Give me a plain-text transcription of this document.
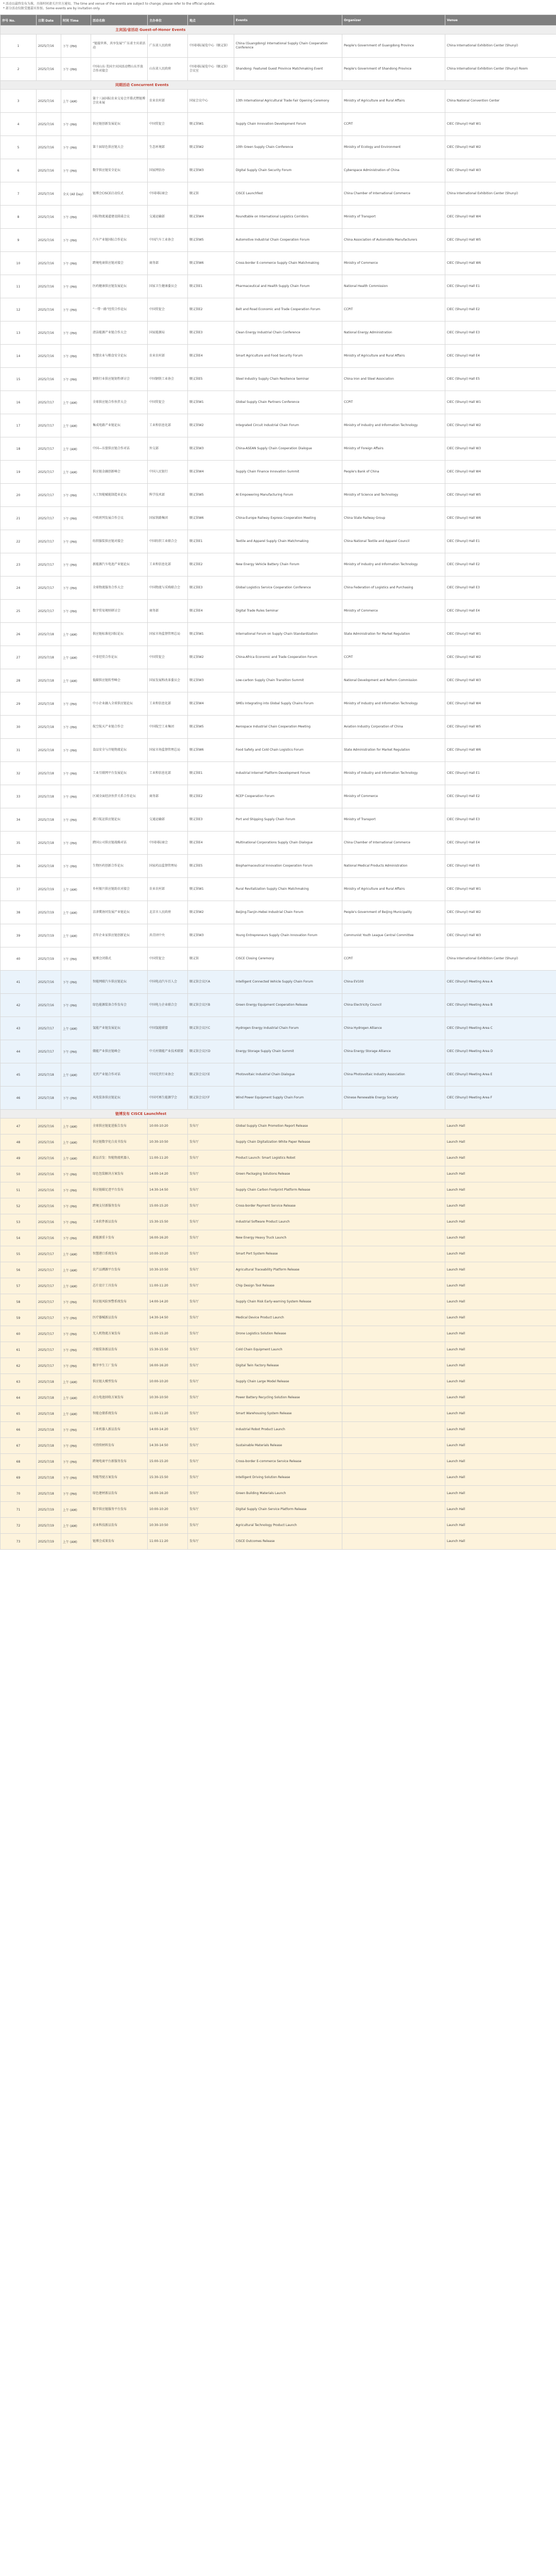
* 活动以最终发布为准，具体时间请关注官方通知。The time and venue of the events are subject to change; please refer to the official update.
* 部分活动仅限受邀嘉宾参加。Some events are by invitation only.
序号 No.	日期 Date	时间 Time	活动名称	主办单位	地点	Events	Organizer	Venue
主宾国/省活动 Guest-of-Honor Events								
1	2025/7/16	下午 (PM)	“链接世界，共享发展”广东省主宾省活动	广东省人民政府	中国国际展览中心（顺义馆）	China (Guangdong) International Supply Chain Cooperation Conference	People's Government of Guangdong Province	China International Exhibition Center (Shunyi)
2	2025/7/16	下午 (PM)	中国山东·美国主宾国活动暨山东开放合作对接会	山东省人民政府	中国国际展览中心（顺义馆）会议室	Shandong: Featured Guest Province Matchmaking Event	People's Government of Shandong Province	China International Exhibition Center (Shunyi) Room
同期活动 Concurrent Events								
3	2025/7/16	上午 (AM)	第十三届国际农业交易会开幕式暨链博会农业展	农业农村部	国家会议中心	13th International Agricultural Trade Fair Opening Ceremony	Ministry of Agriculture and Rural Affairs	China National Convention Center
4	2025/7/16	下午 (PM)	供应链创新发展论坛	中国贸促会	顺义馆W1	Supply Chain Innovation Development Forum	CCPIT	CIEC (Shunyi) Hall W1
5	2025/7/16	下午 (PM)	第十届绿色供应链大会	生态环境部	顺义馆W2	10th Green Supply Chain Conference	Ministry of Ecology and Environment	CIEC (Shunyi) Hall W2
6	2025/7/16	下午 (PM)	数字供应链安全论坛	国家网信办	顺义馆W3	Digital Supply Chain Security Forum	Cyberspace Administration of China	CIEC (Shunyi) Hall W3
7	2025/7/16	全天 (All Day)	链博会CISCE启动仪式	中国国际商会	顺义馆	CISCE Launchfest	China Chamber of International Commerce	China International Exhibition Center (Shunyi)
8	2025/7/16	下午 (PM)	国际物流通道建设圆桌会议	交通运输部	顺义馆W4	Roundtable on International Logistics Corridors	Ministry of Transport	CIEC (Shunyi) Hall W4
9	2025/7/16	下午 (PM)	汽车产业链国际合作论坛	中国汽车工业协会	顺义馆W5	Automotive Industrial Chain Cooperation Forum	China Association of Automobile Manufacturers	CIEC (Shunyi) Hall W5
10	2025/7/16	下午 (PM)	跨境电商供应链对接会	商务部	顺义馆W6	Cross-border E-commerce Supply Chain Matchmaking	Ministry of Commerce	CIEC (Shunyi) Hall W6
11	2025/7/16	下午 (PM)	医药健康供应链发展论坛	国家卫生健康委员会	顺义馆E1	Pharmaceutical and Health Supply Chain Forum	National Health Commission	CIEC (Shunyi) Hall E1
12	2025/7/16	下午 (PM)	“一带一路”经贸合作论坛	中国贸促会	顺义馆E2	Belt and Road Economic and Trade Cooperation Forum	CCPIT	CIEC (Shunyi) Hall E2
13	2025/7/16	下午 (PM)	清洁能源产业链合作大会	国家能源局	顺义馆E3	Clean Energy Industrial Chain Conference	National Energy Administration	CIEC (Shunyi) Hall E3
14	2025/7/16	下午 (PM)	智慧农业与粮食安全论坛	农业农村部	顺义馆E4	Smart Agriculture and Food Security Forum	Ministry of Agriculture and Rural Affairs	CIEC (Shunyi) Hall E4
15	2025/7/16	下午 (PM)	钢铁行业供应链韧性研讨会	中国钢铁工业协会	顺义馆E5	Steel Industry Supply Chain Resilience Seminar	China Iron and Steel Association	CIEC (Shunyi) Hall E5
16	2025/7/17	上午 (AM)	全球供应链合作伙伴大会	中国贸促会	顺义馆W1	Global Supply Chain Partners Conference	CCPIT	CIEC (Shunyi) Hall W1
17	2025/7/17	上午 (AM)	集成电路产业链论坛	工业和信息化部	顺义馆W2	Integrated Circuit Industrial Chain Forum	Ministry of Industry and Information Technology	CIEC (Shunyi) Hall W2
18	2025/7/17	上午 (AM)	中国—东盟供应链合作对话	外交部	顺义馆W3	China-ASEAN Supply Chain Cooperation Dialogue	Ministry of Foreign Affairs	CIEC (Shunyi) Hall W3
19	2025/7/17	上午 (AM)	供应链金融创新峰会	中国人民银行	顺义馆W4	Supply Chain Finance Innovation Summit	People's Bank of China	CIEC (Shunyi) Hall W4
20	2025/7/17	下午 (PM)	人工智能赋能制造业论坛	科学技术部	顺义馆W5	AI Empowering Manufacturing Forum	Ministry of Science and Technology	CIEC (Shunyi) Hall W5
21	2025/7/17	下午 (PM)	中欧班列发展合作会议	国家铁路集团	顺义馆W6	China-Europe Railway Express Cooperation Meeting	China State Railway Group	CIEC (Shunyi) Hall W6
22	2025/7/17	下午 (PM)	纺织服装供应链对接会	中国纺织工业联合会	顺义馆E1	Textile and Apparel Supply Chain Matchmaking	China National Textile and Apparel Council	CIEC (Shunyi) Hall E1
23	2025/7/17	下午 (PM)	新能源汽车电池产业链论坛	工业和信息化部	顺义馆E2	New Energy Vehicle Battery Chain Forum	Ministry of Industry and Information Technology	CIEC (Shunyi) Hall E2
24	2025/7/17	下午 (PM)	全球物流服务合作大会	中国物流与采购联合会	顺义馆E3	Global Logistics Service Cooperation Conference	China Federation of Logistics and Purchasing	CIEC (Shunyi) Hall E3
25	2025/7/17	下午 (PM)	数字贸易规则研讨会	商务部	顺义馆E4	Digital Trade Rules Seminar	Ministry of Commerce	CIEC (Shunyi) Hall E4
26	2025/7/18	上午 (AM)	供应链标准化国际论坛	国家市场监督管理总局	顺义馆W1	International Forum on Supply Chain Standardization	State Administration for Market Regulation	CIEC (Shunyi) Hall W1
27	2025/7/18	上午 (AM)	中非经贸合作论坛	中国贸促会	顺义馆W2	China-Africa Economic and Trade Cooperation Forum	CCPIT	CIEC (Shunyi) Hall W2
28	2025/7/18	上午 (AM)	低碳供应链转型峰会	国家发展和改革委员会	顺义馆W3	Low-carbon Supply Chain Transition Summit	National Development and Reform Commission	CIEC (Shunyi) Hall W3
29	2025/7/18	下午 (PM)	中小企业融入全球供应链论坛	工业和信息化部	顺义馆W4	SMEs Integrating into Global Supply Chains Forum	Ministry of Industry and Information Technology	CIEC (Shunyi) Hall W4
30	2025/7/18	下午 (PM)	航空航天产业链合作会	中国航空工业集团	顺义馆W5	Aerospace Industrial Chain Cooperation Meeting	Aviation Industry Corporation of China	CIEC (Shunyi) Hall W5
31	2025/7/18	下午 (PM)	食品安全与冷链物流论坛	国家市场监督管理总局	顺义馆W6	Food Safety and Cold Chain Logistics Forum	State Administration for Market Regulation	CIEC (Shunyi) Hall W6
32	2025/7/18	下午 (PM)	工业互联网平台发展论坛	工业和信息化部	顺义馆E1	Industrial Internet Platform Development Forum	Ministry of Industry and Information Technology	CIEC (Shunyi) Hall E1
33	2025/7/18	下午 (PM)	区域全面经济伙伴关系合作论坛	商务部	顺义馆E2	RCEP Cooperation Forum	Ministry of Commerce	CIEC (Shunyi) Hall E2
34	2025/7/18	下午 (PM)	港口航运供应链论坛	交通运输部	顺义馆E3	Port and Shipping Supply Chain Forum	Ministry of Transport	CIEC (Shunyi) Hall E3
35	2025/7/18	下午 (PM)	跨国公司供应链战略对话	中国国际商会	顺义馆E4	Multinational Corporations Supply Chain Dialogue	China Chamber of International Commerce	CIEC (Shunyi) Hall E4
36	2025/7/18	下午 (PM)	生物医药创新合作论坛	国家药品监督管理局	顺义馆E5	Biopharmaceutical Innovation Cooperation Forum	National Medical Products Administration	CIEC (Shunyi) Hall E5
37	2025/7/19	上午 (AM)	乡村振兴供应链助农对接会	农业农村部	顺义馆W1	Rural Revitalization Supply Chain Matchmaking	Ministry of Agriculture and Rural Affairs	CIEC (Shunyi) Hall W1
38	2025/7/19	上午 (AM)	京津冀协同发展产业链论坛	北京市人民政府	顺义馆W2	Beijing-Tianjin-Hebei Industrial Chain Forum	People's Government of Beijing Municipality	CIEC (Shunyi) Hall W2
39	2025/7/19	上午 (AM)	青年企业家供应链创新论坛	共青团中央	顺义馆W3	Young Entrepreneurs Supply Chain Innovation Forum	Communist Youth League Central Committee	CIEC (Shunyi) Hall W3
40	2025/7/19	下午 (PM)	链博会闭幕式	中国贸促会	顺义馆	CISCE Closing Ceremony	CCPIT	China International Exhibition Center (Shunyi)
41	2025/7/16	下午 (PM)	智能网联汽车供应链论坛	中国电动汽车百人会	顺义馆会议区A	Intelligent Connected Vehicle Supply Chain Forum	China EV100	CIEC (Shunyi) Meeting Area A
42	2025/7/16	下午 (PM)	绿色能源装备合作发布会	中国电力企业联合会	顺义馆会议区B	Green Energy Equipment Cooperation Release	China Electricity Council	CIEC (Shunyi) Meeting Area B
43	2025/7/17	上午 (AM)	氢能产业链发展论坛	中国氢能联盟	顺义馆会议区C	Hydrogen Energy Industrial Chain Forum	China Hydrogen Alliance	CIEC (Shunyi) Meeting Area C
44	2025/7/17	下午 (PM)	储能产业供应链峰会	中关村储能产业技术联盟	顺义馆会议区D	Energy Storage Supply Chain Summit	China Energy Storage Alliance	CIEC (Shunyi) Meeting Area D
45	2025/7/18	上午 (AM)	光伏产业链合作对话	中国光伏行业协会	顺义馆会议区E	Photovoltaic Industrial Chain Dialogue	China Photovoltaic Industry Association	CIEC (Shunyi) Meeting Area E
46	2025/7/18	下午 (PM)	风电装备供应链论坛	中国可再生能源学会	顺义馆会议区F	Wind Power Equipment Supply Chain Forum	Chinese Renewable Energy Society	CIEC (Shunyi) Meeting Area F
链博发布 CISCE Launchfest								
47	2025/7/16	上午 (AM)	全球供应链促进报告发布	10:00-10:20	发布厅	Global Supply Chain Promotion Report Release		Launch Hall
48	2025/7/16	上午 (AM)	供应链数字化白皮书发布	10:30-10:50	发布厅	Supply Chain Digitalization White Paper Release		Launch Hall
49	2025/7/16	上午 (AM)	新品首发：智能物流机器人	11:00-11:20	发布厅	Product Launch: Smart Logistics Robot		Launch Hall
50	2025/7/16	下午 (PM)	绿色包装解决方案发布	14:00-14:20	发布厅	Green Packaging Solutions Release		Launch Hall
51	2025/7/16	下午 (PM)	供应链碳足迹平台发布	14:30-14:50	发布厅	Supply Chain Carbon Footprint Platform Release		Launch Hall
52	2025/7/16	下午 (PM)	跨境支付新服务发布	15:00-15:20	发布厅	Cross-border Payment Service Release		Launch Hall
53	2025/7/16	下午 (PM)	工业软件新品发布	15:30-15:50	发布厅	Industrial Software Product Launch		Launch Hall
54	2025/7/16	下午 (PM)	新能源重卡发布	16:00-16:20	发布厅	New Energy Heavy Truck Launch		Launch Hall
55	2025/7/17	上午 (AM)	智慧港口系统发布	10:00-10:20	发布厅	Smart Port System Release		Launch Hall
56	2025/7/17	上午 (AM)	农产品溯源平台发布	10:30-10:50	发布厅	Agricultural Traceability Platform Release		Launch Hall
57	2025/7/17	上午 (AM)	芯片设计工具发布	11:00-11:20	发布厅	Chip Design Tool Release		Launch Hall
58	2025/7/17	下午 (PM)	供应链风险预警系统发布	14:00-14:20	发布厅	Supply Chain Risk Early-warning System Release		Launch Hall
59	2025/7/17	下午 (PM)	医疗器械新品发布	14:30-14:50	发布厅	Medical Device Product Launch		Launch Hall
60	2025/7/17	下午 (PM)	无人机物流方案发布	15:00-15:20	发布厅	Drone Logistics Solution Release		Launch Hall
61	2025/7/17	下午 (PM)	冷链装备新品发布	15:30-15:50	发布厅	Cold Chain Equipment Launch		Launch Hall
62	2025/7/17	下午 (PM)	数字孪生工厂发布	16:00-16:20	发布厅	Digital Twin Factory Release		Launch Hall
63	2025/7/18	上午 (AM)	供应链大模型发布	10:00-10:20	发布厅	Supply Chain Large Model Release		Launch Hall
64	2025/7/18	上午 (AM)	动力电池回收方案发布	10:30-10:50	发布厅	Power Battery Recycling Solution Release		Launch Hall
65	2025/7/18	上午 (AM)	智能仓储系统发布	11:00-11:20	发布厅	Smart Warehousing System Release		Launch Hall
66	2025/7/18	下午 (PM)	工业机器人新品发布	14:00-14:20	发布厅	Industrial Robot Product Launch		Launch Hall
67	2025/7/18	下午 (PM)	可持续材料发布	14:30-14:50	发布厅	Sustainable Materials Release		Launch Hall
68	2025/7/18	下午 (PM)	跨境电商平台新服务发布	15:00-15:20	发布厅	Cross-border E-commerce Service Release		Launch Hall
69	2025/7/18	下午 (PM)	智能驾驶方案发布	15:30-15:50	发布厅	Intelligent Driving Solution Release		Launch Hall
70	2025/7/18	下午 (PM)	绿色建材新品发布	16:00-16:20	发布厅	Green Building Materials Launch		Launch Hall
71	2025/7/19	上午 (AM)	数字供应链服务平台发布	10:00-10:20	发布厅	Digital Supply Chain Service Platform Release		Launch Hall
72	2025/7/19	上午 (AM)	农业科技新品发布	10:30-10:50	发布厅	Agricultural Technology Product Launch		Launch Hall
73	2025/7/19	上午 (AM)	链博会成果发布	11:00-11:20	发布厅	CISCE Outcomes Release		Launch Hall
